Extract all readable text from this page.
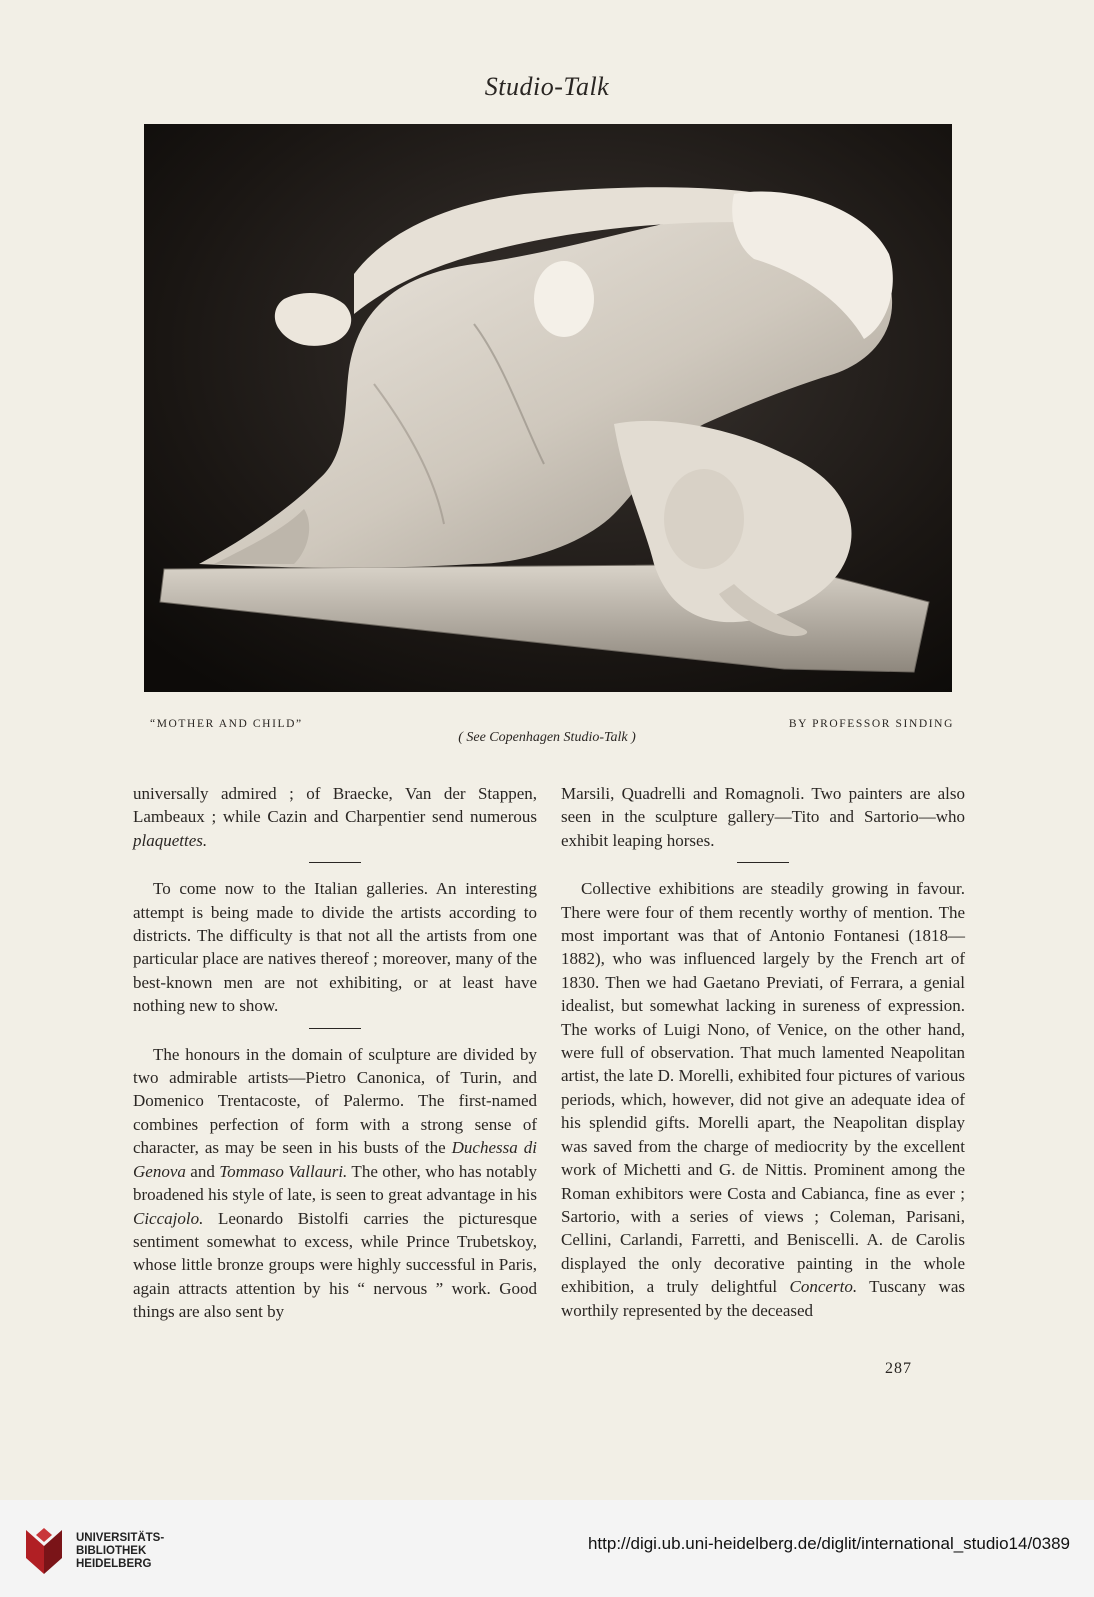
Studio-Talk
“MOTHER AND CHILD”	BY PROFESSOR SINDING
( See Copenhagen Studio-Talk )

universally admired ; of Braecke, Van der Stappen, Lambeaux ; while Cazin and Charpentier send numerous plaquettes.

To come now to the Italian galleries. An interesting attempt is being made to divide the artists according to districts. The difficulty is that not all the artists from one particular place are natives thereof ; moreover, many of the best-known men are not exhibiting, or at least have nothing new to show.

The honours in the domain of sculpture are divided by two admirable artists—Pietro Canonica, of Turin, and Domenico Trentacoste, of Palermo. The first-named combines perfection of form with a strong sense of character, as may be seen in his busts of the Duchessa di Genova and Tommaso Vallauri. The other, who has notably broadened his style of late, is seen to great advantage in his Ciccajolo. Leonardo Bistolfi carries the picturesque sentiment somewhat to excess, while Prince Trubetskoy, whose little bronze groups were highly successful in Paris, again attracts attention by his “ nervous ” work. Good things are also sent by

Marsili, Quadrelli and Romagnoli. Two painters are also seen in the sculpture gallery—Tito and Sartorio—who exhibit leaping horses.

Collective exhibitions are steadily growing in favour. There were four of them recently worthy of mention. The most important was that of Antonio Fontanesi (1818—1882), who was influenced largely by the French art of 1830. Then we had Gaetano Previati, of Ferrara, a genial idealist, but somewhat lacking in sureness of expression. The works of Luigi Nono, of Venice, on the other hand, were full of observation. That much lamented Neapolitan artist, the late D. Morelli, exhibited four pictures of various periods, which, however, did not give an adequate idea of his splendid gifts. Morelli apart, the Neapolitan display was saved from the charge of mediocrity by the excellent work of Michetti and G. de Nittis. Prominent among the Roman exhibitors were Costa and Cabianca, fine as ever ; Sartorio, with a series of views ; Coleman, Parisani, Cellini, Carlandi, Farretti, and Beniscelli. A. de Carolis displayed the only decorative painting in the whole exhibition, a truly delightful Concerto. Tuscany was worthily represented by the deceased

287
UNIVERSITÄTS-
BIBLIOTHEK
HEIDELBERG
http://digi.ub.uni-heidelberg.de/diglit/international_studio14/0389
